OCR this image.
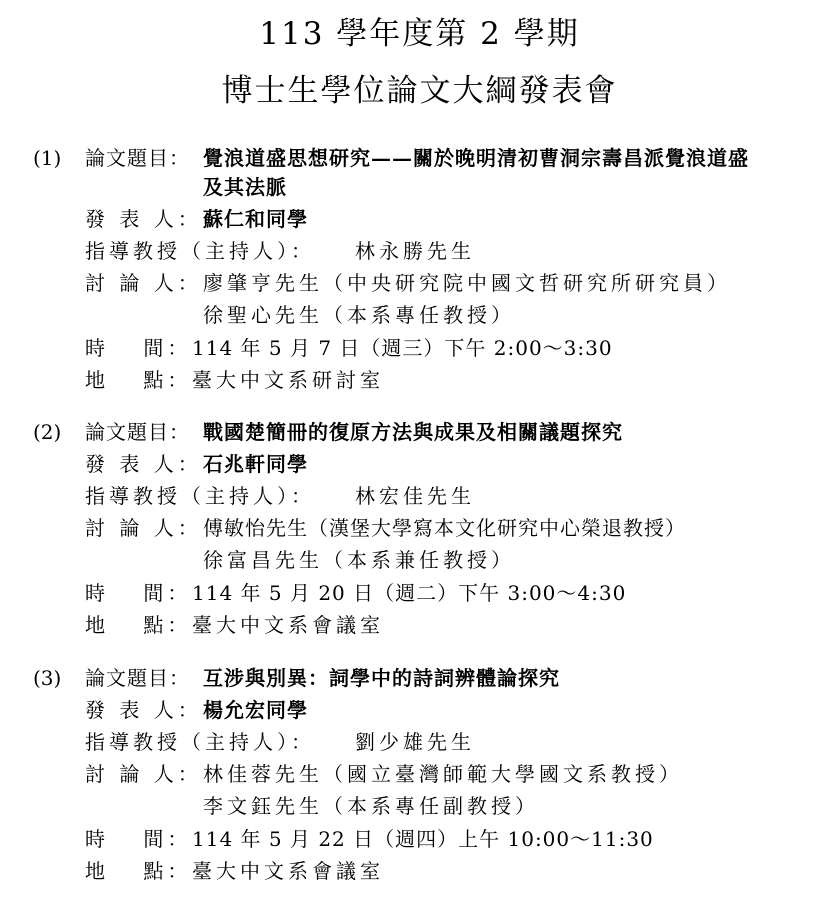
113 學年度第 2 學期
博士生學位論文大綱發表會
(1) 論文題目： 覺浪道盛思想研究——關於晚明清初曹洞宗壽昌派覺浪道盛
及其法脈
發 表 人： 蘇仁和同學
指導教授（主持人）： 林永勝先生
討 論 人： 廖肇亨先生（中央研究院中國文哲研究所研究員）
徐聖心先生（本系專任教授）
時　 間： 114 年 5 月 7 日（週三）下午 2:00～3:30
地　 點： 臺大中文系研討室
(2) 論文題目： 戰國楚簡冊的復原方法與成果及相關議題探究
發 表 人： 石兆軒同學
指導教授（主持人）： 林宏佳先生
討 論 人： 傅敏怡先生（漢堡大學寫本文化研究中心榮退教授）
徐富昌先生（本系兼任教授）
時　 間： 114 年 5 月 20 日（週二）下午 3:00～4:30
地　 點： 臺大中文系會議室
(3) 論文題目： 互涉與別異：詞學中的詩詞辨體論探究
發 表 人： 楊允宏同學
指導教授（主持人）： 劉少雄先生
討 論 人： 林佳蓉先生（國立臺灣師範大學國文系教授）
李文鈺先生（本系專任副教授）
時　 間： 114 年 5 月 22 日（週四）上午 10:00～11:30
地　 點： 臺大中文系會議室
